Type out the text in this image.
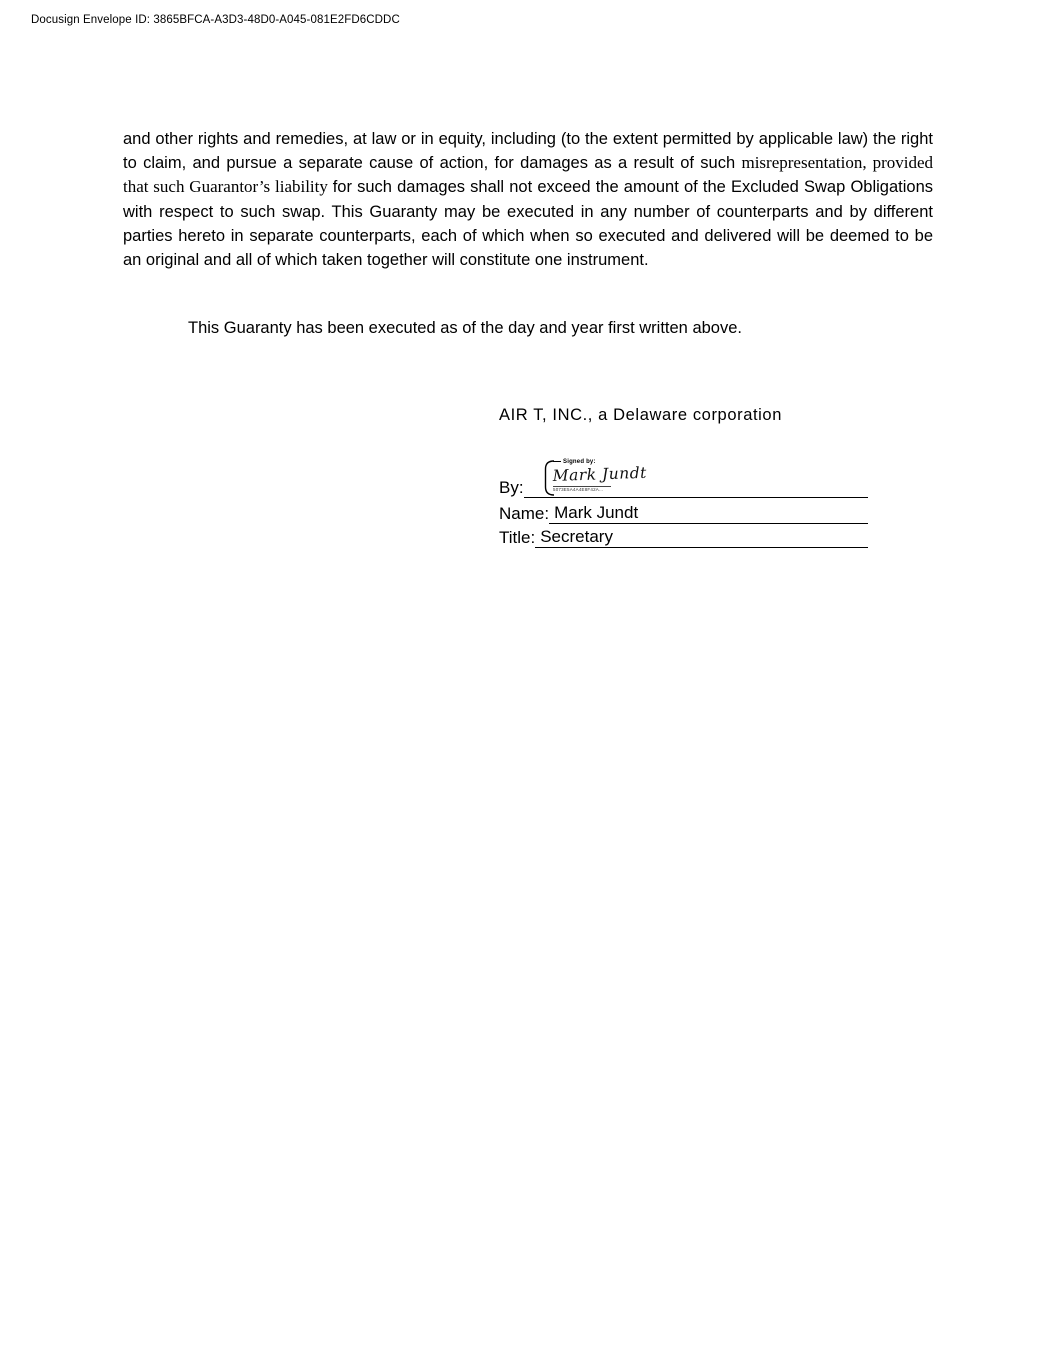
Docusign Envelope ID: 3865BFCA-A3D3-48D0-A045-081E2FD6CDDC
and other rights and remedies, at law or in equity, including (to the extent permitted by applicable law) the right to claim, and pursue a separate cause of action, for damages as a result of such misrepresentation, provided that such Guarantor’s liability for such damages shall not exceed the amount of the Excluded Swap Obligations with respect to such swap. This Guaranty may be executed in any number of counterparts and by different parties hereto in separate counterparts, each of which when so executed and delivered will be deemed to be an original and all of which taken together will constitute one instrument.
This Guaranty has been executed as of the day and year first written above.
AIR T, INC., a Delaware corporation
Signed by:
Mark Jundt
5073E5A4A4E8F42A...
By:
Name: Mark Jundt
Title: Secretary
